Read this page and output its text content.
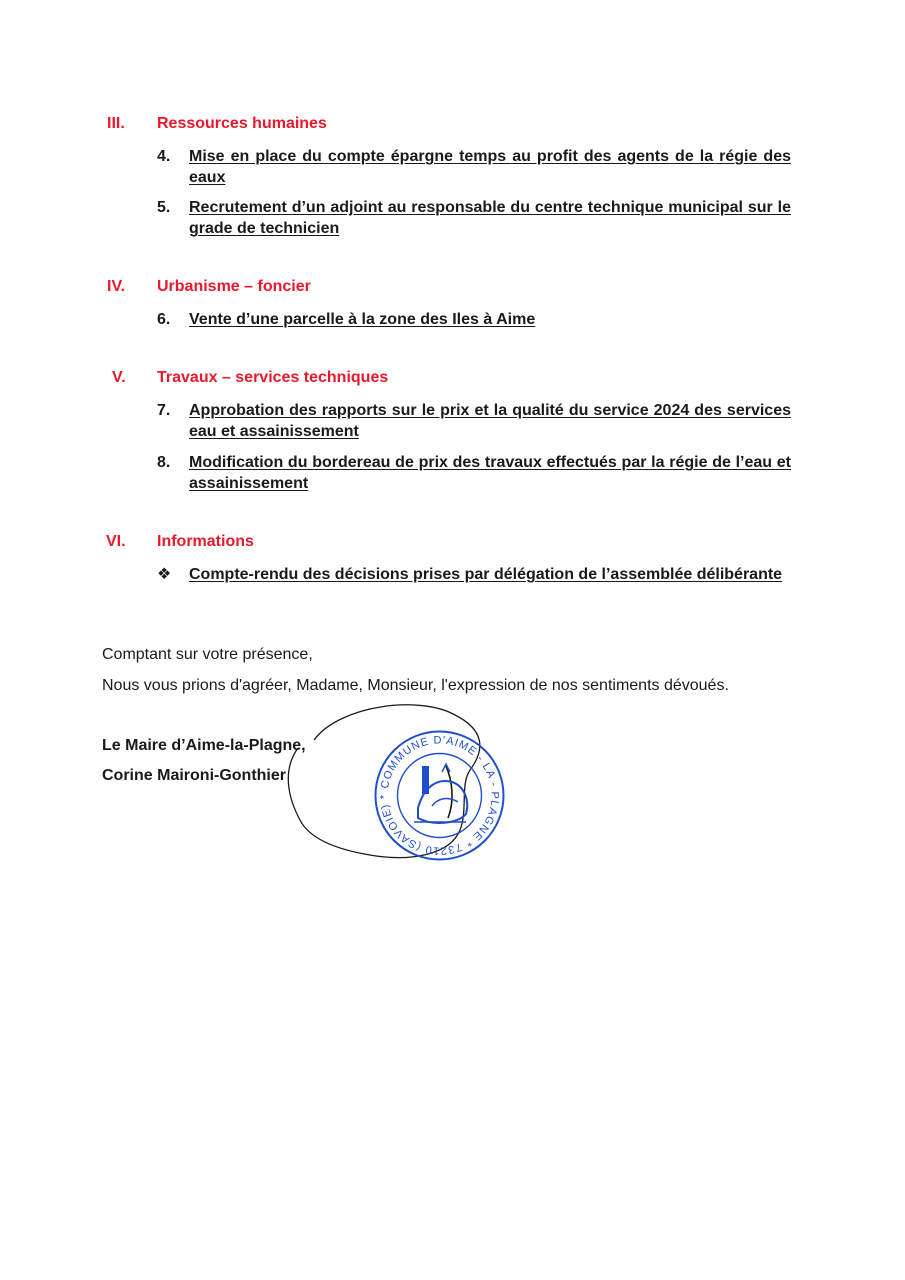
III. Ressources humaines
4. Mise en place du compte épargne temps au profit des agents de la régie des eaux
5. Recrutement d’un adjoint au responsable du centre technique municipal sur le grade de technicien
IV. Urbanisme – foncier
6. Vente d’une parcelle à la zone des Iles à Aime
V. Travaux – services techniques
7. Approbation des rapports sur le prix et la qualité du service 2024 des services eau et assainissement
8. Modification du bordereau de prix des travaux effectués par la régie de l’eau et assainissement
VI. Informations
❖ Compte-rendu des décisions prises par délégation de l’assemblée délibérante
Comptant sur votre présence,
Nous vous prions d'agréer, Madame, Monsieur, l'expression de nos sentiments dévoués.
Le Maire d’Aime-la-Plagne,
Corine Maironi-Gonthier	COMMUNE D'AIME - LA - PLAGNE * 73210 (SAVOIE) *
